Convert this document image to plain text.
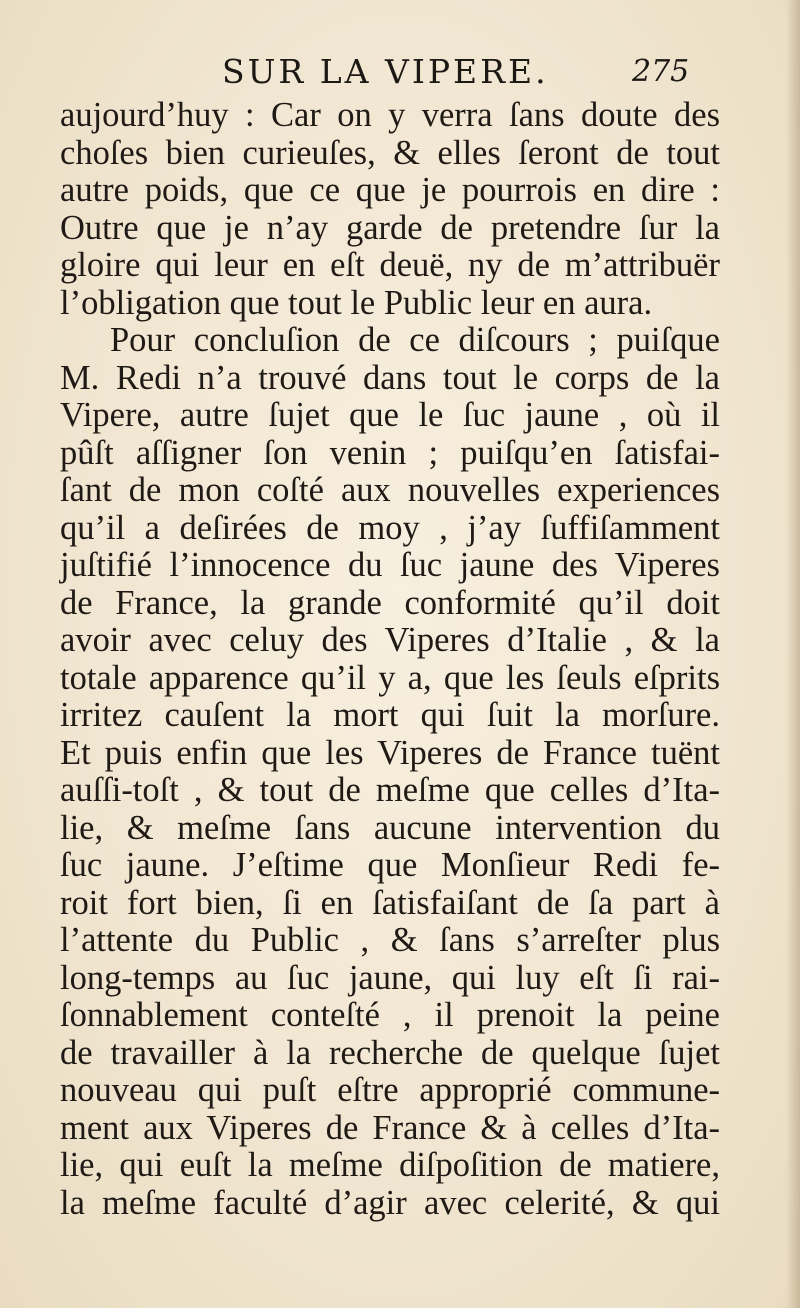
SUR LA VIPERE.	275
aujourd’huy : Car on y verra ſans doute des
choſes bien curieuſes, & elles ſeront de tout
autre poids, que ce que je pourrois en dire :
Outre que je n’ay garde de pretendre ſur la
gloire qui leur en eſt deuë, ny de m’attribuër
l’obligation que tout le Public leur en aura.
Pour concluſion de ce diſcours ; puiſque
M. Redi n’a trouvé dans tout le corps de la
Vipere, autre ſujet que le ſuc jaune , où il
pûſt aſſigner ſon venin ; puiſqu’en ſatisfai-
ſant de mon coſté aux nouvelles experiences
qu’il a deſirées de moy , j’ay ſuffiſamment
juſtifié l’innocence du ſuc jaune des Viperes
de France, la grande conformité qu’il doit
avoir avec celuy des Viperes d’Italie , & la
totale apparence qu’il y a, que les ſeuls eſprits
irritez cauſent la mort qui ſuit la morſure.
Et puis enfin que les Viperes de France tuënt
auſſi-toſt , & tout de meſme que celles d’Ita-
lie, & meſme ſans aucune intervention du
ſuc jaune. J’eſtime que Monſieur Redi fe-
roit fort bien, ſi en ſatisfaiſant de ſa part à
l’attente du Public , & ſans s’arreſter plus
long-temps au ſuc jaune, qui luy eſt ſi rai-
ſonnablement conteſté , il prenoit la peine
de travailler à la recherche de quelque ſujet
nouveau qui puſt eſtre approprié commune-
ment aux Viperes de France & à celles d’Ita-
lie, qui euſt la meſme diſpoſition de matiere,
la meſme faculté d’agir avec celerité, & qui
